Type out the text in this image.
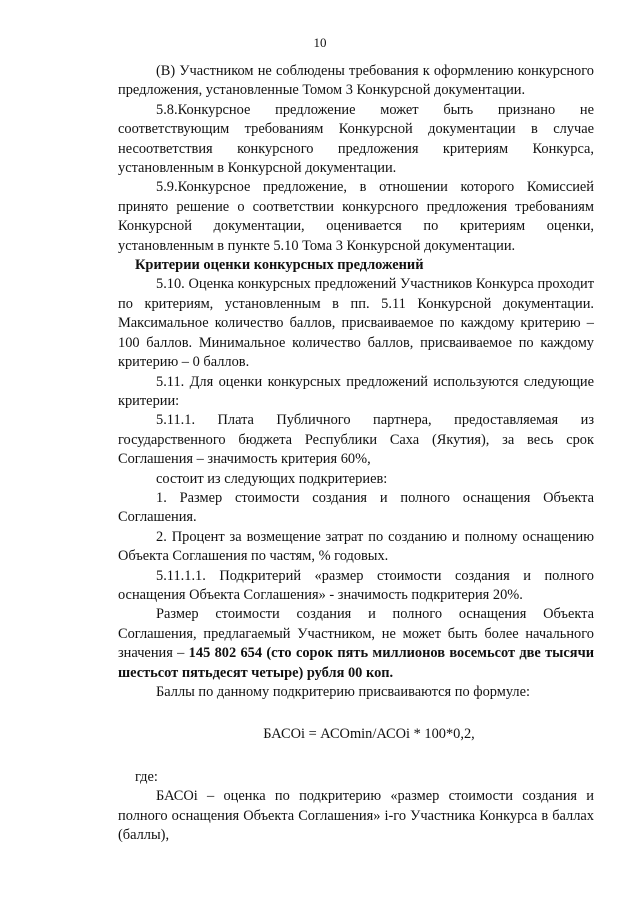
10

(В) Участником не соблюдены требования к оформлению конкурсного предложения, установленные Томом 3 Конкурсной документации.

5.8.Конкурсное предложение может быть признано не соответствующим требованиям Конкурсной документации в случае несоответствия конкурсного предложения критериям Конкурса, установленным в Конкурсной документации.

5.9.Конкурсное предложение, в отношении которого Комиссией принято решение о соответствии конкурсного предложения требованиям Конкурсной документации, оценивается по критериям оценки, установленным в пункте 5.10 Тома 3 Конкурсной документации.

Критерии оценки конкурсных предложений

5.10. Оценка конкурсных предложений Участников Конкурса проходит по критериям, установленным в пп. 5.11 Конкурсной документации. Максимальное количество баллов, присваиваемое по каждому критерию – 100 баллов. Минимальное количество баллов, присваиваемое по каждому критерию – 0 баллов.

5.11. Для оценки конкурсных предложений используются следующие критерии:

5.11.1. Плата Публичного партнера, предоставляемая из государственного бюджета Республики Саха (Якутия), за весь срок Соглашения – значимость критерия 60%,

состоит из следующих подкритериев:

1. Размер стоимости создания и полного оснащения Объекта Соглашения.

2. Процент за возмещение затрат по созданию и полному оснащению Объекта Соглашения по частям, % годовых.

5.11.1.1. Подкритерий «размер стоимости создания и полного оснащения Объекта Соглашения» - значимость подкритерия 20%.

Размер стоимости создания и полного оснащения Объекта Соглашения, предлагаемый Участником, не может быть более начального значения – 145 802 654 (сто сорок пять миллионов восемьсот две тысячи шестьсот пятьдесят четыре) рубля 00 коп.

Баллы по данному подкритерию присваиваются по формуле:

БАСОi = АСОmin/АСОi * 100*0,2,

где:

БАСОi – оценка по подкритерию «размер стоимости создания и полного оснащения Объекта Соглашения» i-го Участника Конкурса в баллах (баллы),
